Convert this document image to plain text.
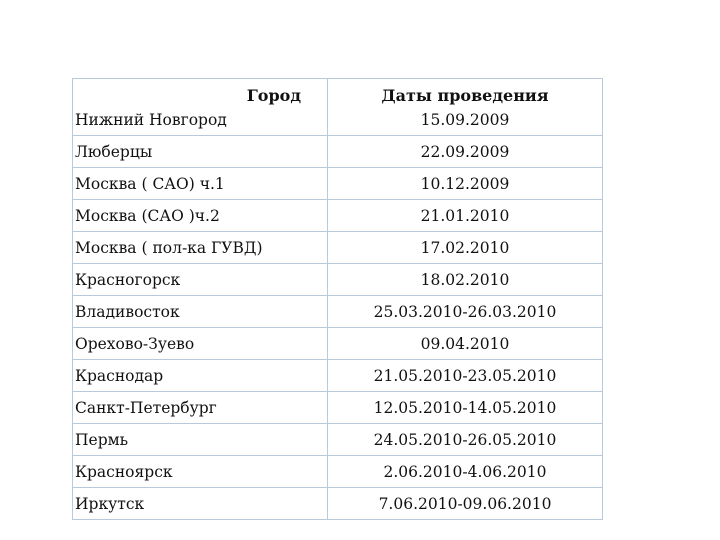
Город	Даты проведения
Нижний Новгород	15.09.2009
Люберцы	22.09.2009
Москва ( САО) ч.1	10.12.2009
Москва (САО )ч.2	21.01.2010
Москва ( пол-ка ГУВД)	17.02.2010
Красногорск	18.02.2010
Владивосток	25.03.2010-26.03.2010
Орехово-Зуево	09.04.2010
Краснодар	21.05.2010-23.05.2010
Санкт-Петербург	12.05.2010-14.05.2010
Пермь	24.05.2010-26.05.2010
Красноярск	2.06.2010-4.06.2010
Иркутск	7.06.2010-09.06.2010
